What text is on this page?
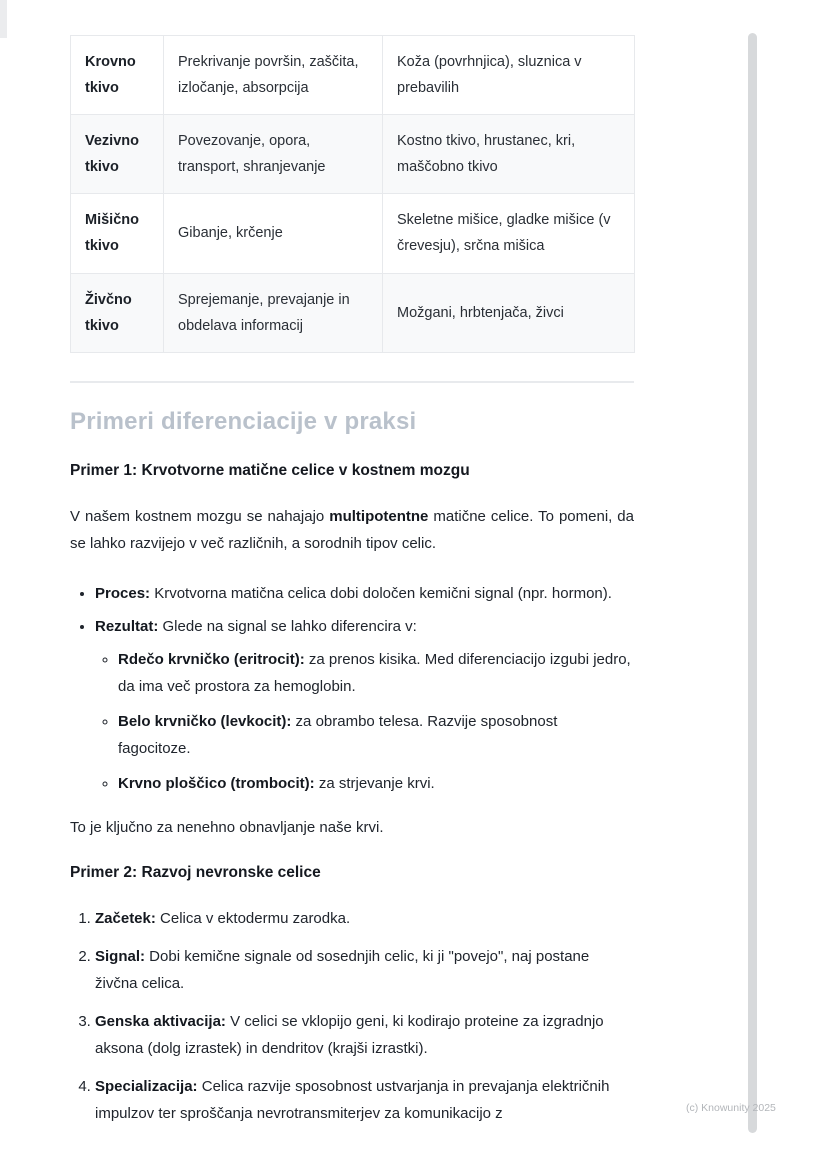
Krovno tkivo	Prekrivanje površin, zaščita, izločanje, absorpcija	Koža (povrhnjica), sluznica v prebavilih
Vezivno tkivo	Povezovanje, opora, transport, shranjevanje	Kostno tkivo, hrustanec, kri, maščobno tkivo
Mišično tkivo	Gibanje, krčenje	Skeletne mišice, gladke mišice (v črevesju), srčna mišica
Živčno tkivo	Sprejemanje, prevajanje in obdelava informacij	Možgani, hrbtenjača, živci
Primeri diferenciacije v praksi
Primer 1: Krvotvorne matične celice v kostnem mozgu

V našem kostnem mozgu se nahajajo multipotentne matične celice. To pomeni, da se lahko razvijejo v več različnih, a sorodnih tipov celic.

• Proces: Krvotvorna matična celica dobi določen kemični signal (npr. hormon).
• Rezultat: Glede na signal se lahko diferencira v:
◦ Rdečo krvničko (eritrocit): za prenos kisika. Med diferenciacijo izgubi jedro, da ima več prostora za hemoglobin.
◦ Belo krvničko (levkocit): za obrambo telesa. Razvije sposobnost fagocitoze.
◦ Krvno ploščico (trombocit): za strjevanje krvi.

To je ključno za nenehno obnavljanje naše krvi.

Primer 2: Razvoj nevronske celice
1. Začetek: Celica v ektodermu zarodka.
2. Signal: Dobi kemične signale od sosednjih celic, ki ji "povejo", naj postane živčna celica.
3. Genska aktivacija: V celici se vklopijo geni, ki kodirajo proteine za izgradnjo aksona (dolg izrastek) in dendritov (krajši izrastki).
4. Specializacija: Celica razvije sposobnost ustvarjanja in prevajanja električnih impulzov ter sproščanja nevrotransmiterjev za komunikacijo z	(c) Knowunity 2025
